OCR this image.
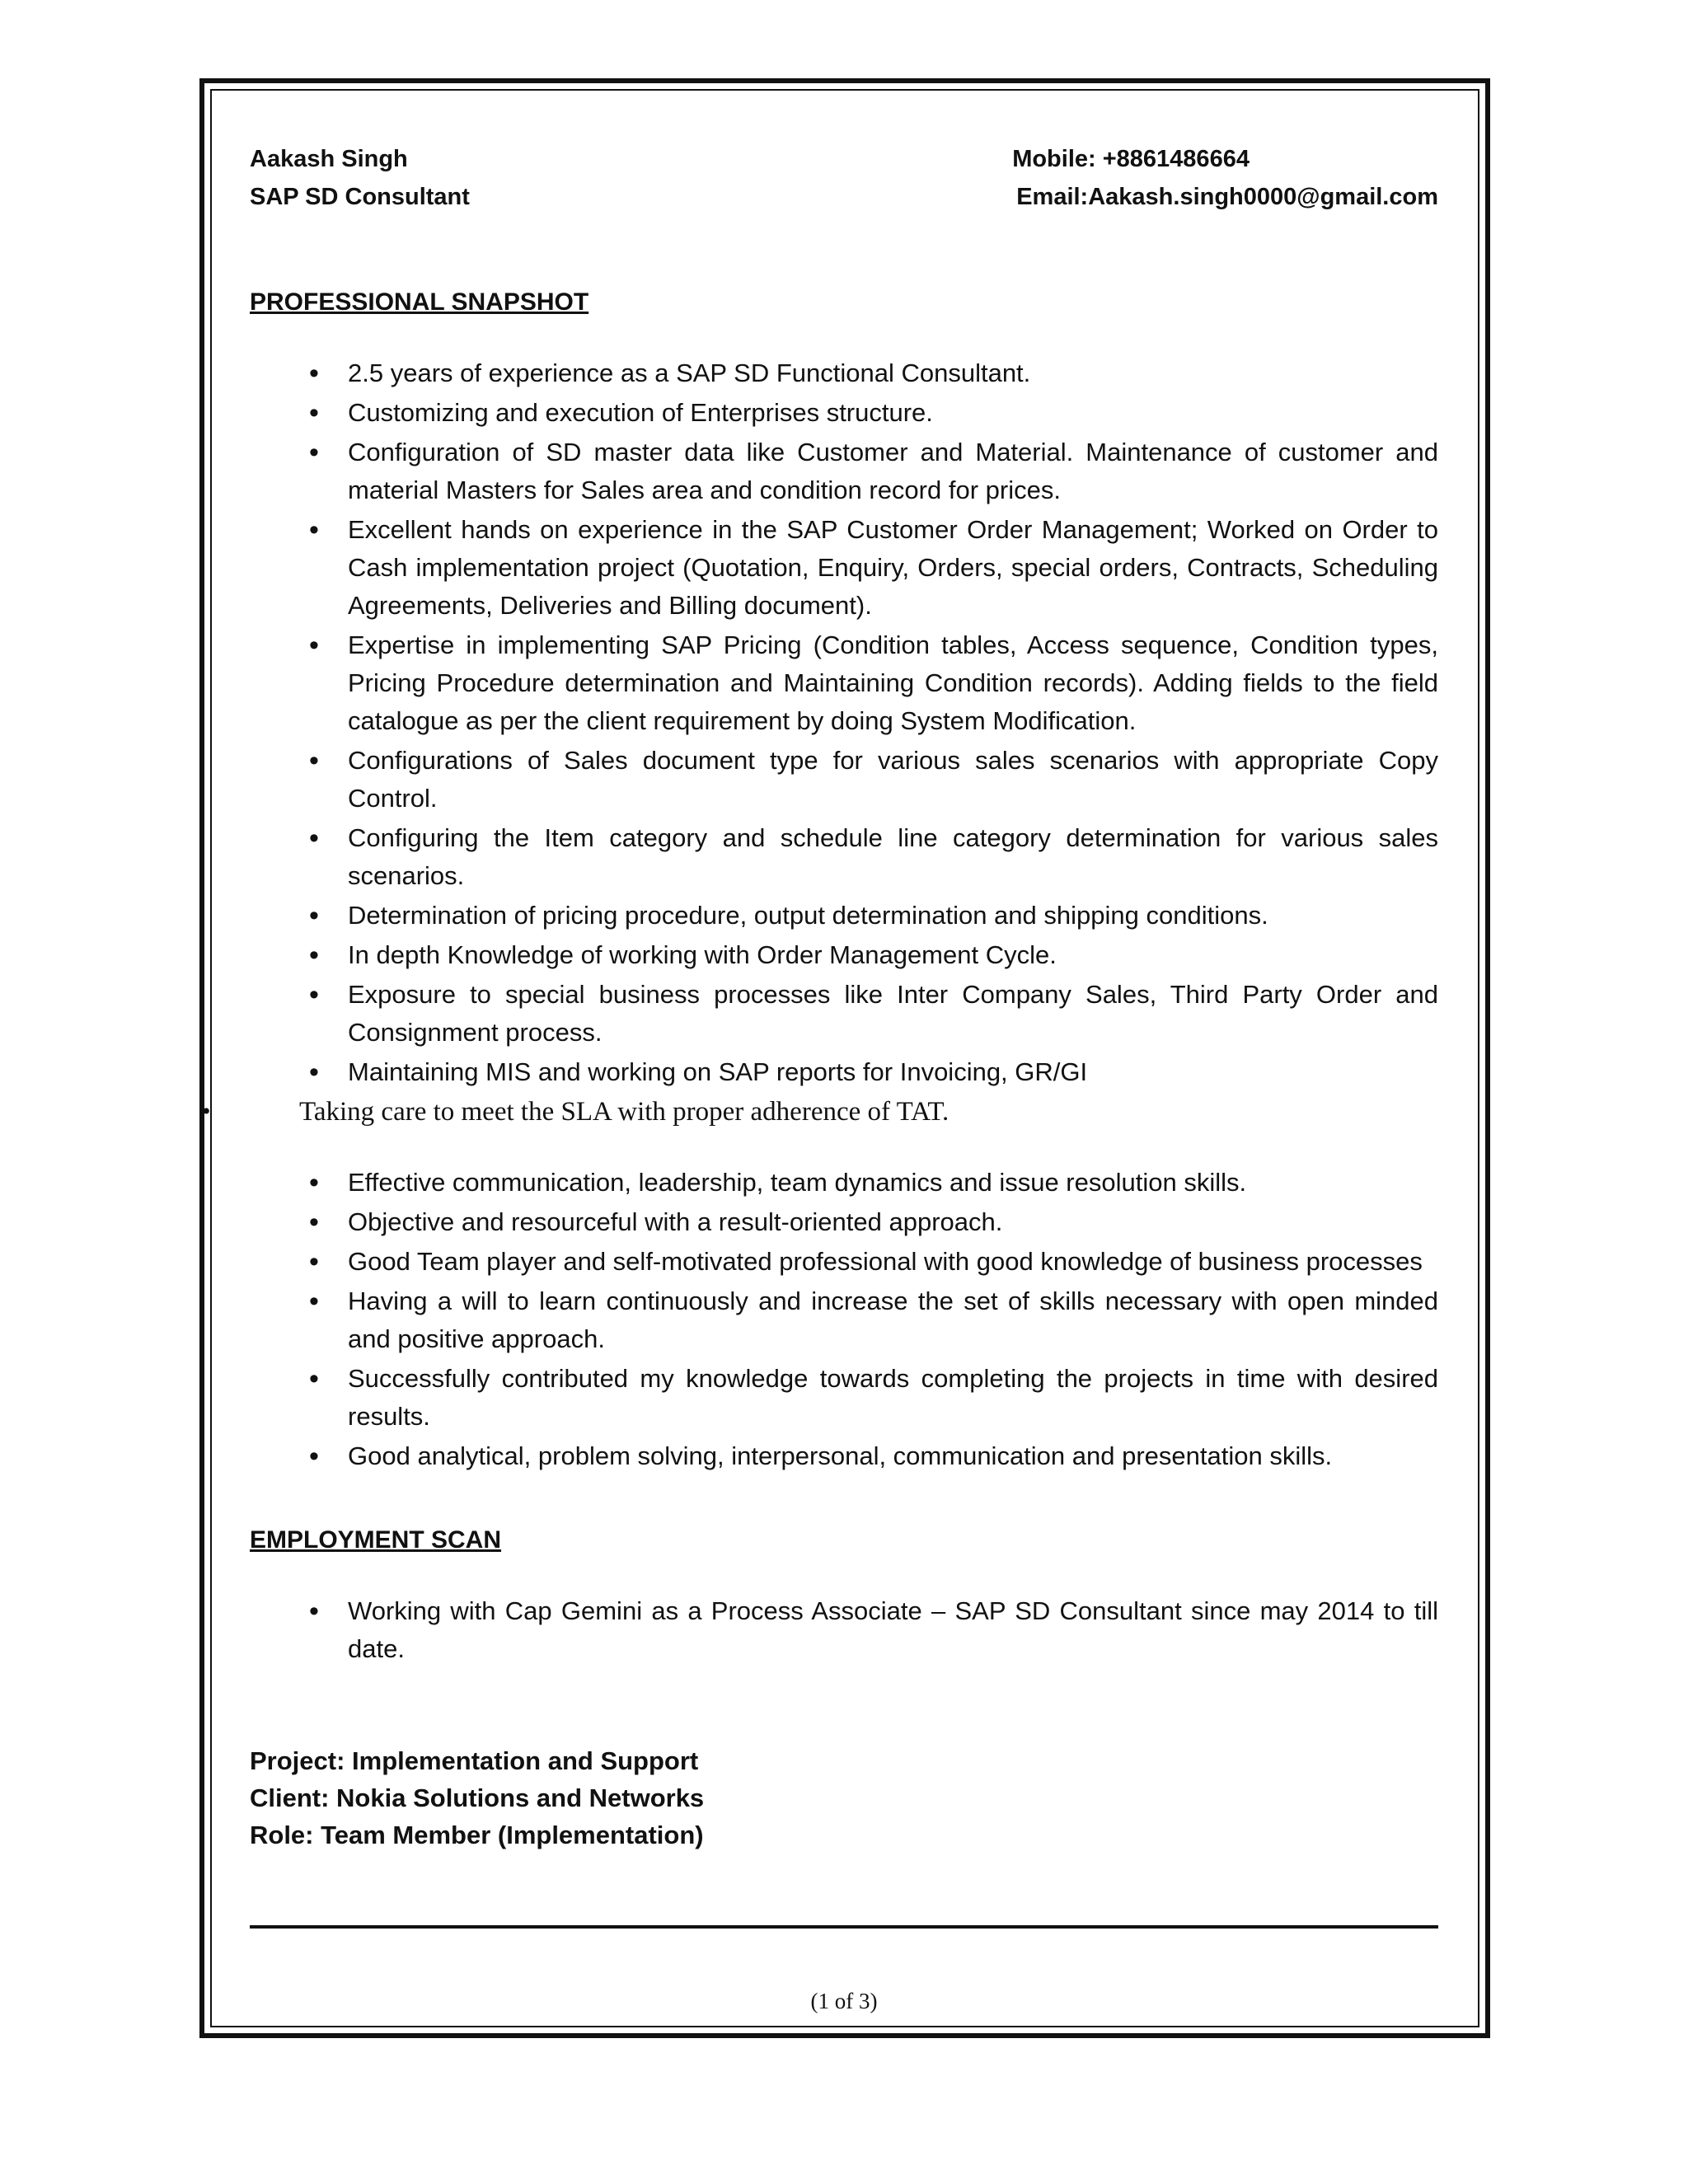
Aakash Singh
SAP SD Consultant
Mobile: +8861486664
Email:Aakash.singh0000@gmail.com
PROFESSIONAL SNAPSHOT
• 2.5 years of experience as a SAP SD Functional Consultant.
• Customizing and execution of Enterprises structure.
• Configuration of SD master data like Customer and Material. Maintenance of customer and material Masters for Sales area and condition record for prices.
• Excellent hands on experience in the SAP Customer Order Management; Worked on Order to Cash implementation project (Quotation, Enquiry, Orders, special orders, Contracts, Scheduling Agreements, Deliveries and Billing document).
• Expertise in implementing SAP Pricing (Condition tables, Access sequence, Condition types, Pricing Procedure determination and Maintaining Condition records). Adding fields to the field catalogue as per the client requirement by doing System Modification.
• Configurations of Sales document type for various sales scenarios with appropriate Copy Control.
• Configuring the Item category and schedule line category determination for various sales scenarios.
• Determination of pricing procedure, output determination and shipping conditions.
• In depth Knowledge of working with Order Management Cycle.
• Exposure to special business processes like Inter Company Sales, Third Party Order and Consignment process.
• Maintaining MIS and working on SAP reports for Invoicing, GR/GI
•	Taking care to meet the SLA with proper adherence of TAT.
• Effective communication, leadership, team dynamics and issue resolution skills.
• Objective and resourceful with a result-oriented approach.
• Good Team player and self-motivated professional with good knowledge of business processes
• Having a will to learn continuously and increase the set of skills necessary with open minded and positive approach.
• Successfully contributed my knowledge towards completing the projects in time with desired results.
• Good analytical, problem solving, interpersonal, communication and presentation skills.
EMPLOYMENT SCAN
• Working with Cap Gemini as a Process Associate – SAP SD Consultant since may 2014 to till date.
Project: Implementation and Support
Client: Nokia Solutions and Networks
Role: Team Member (Implementation)
(1 of 3)
